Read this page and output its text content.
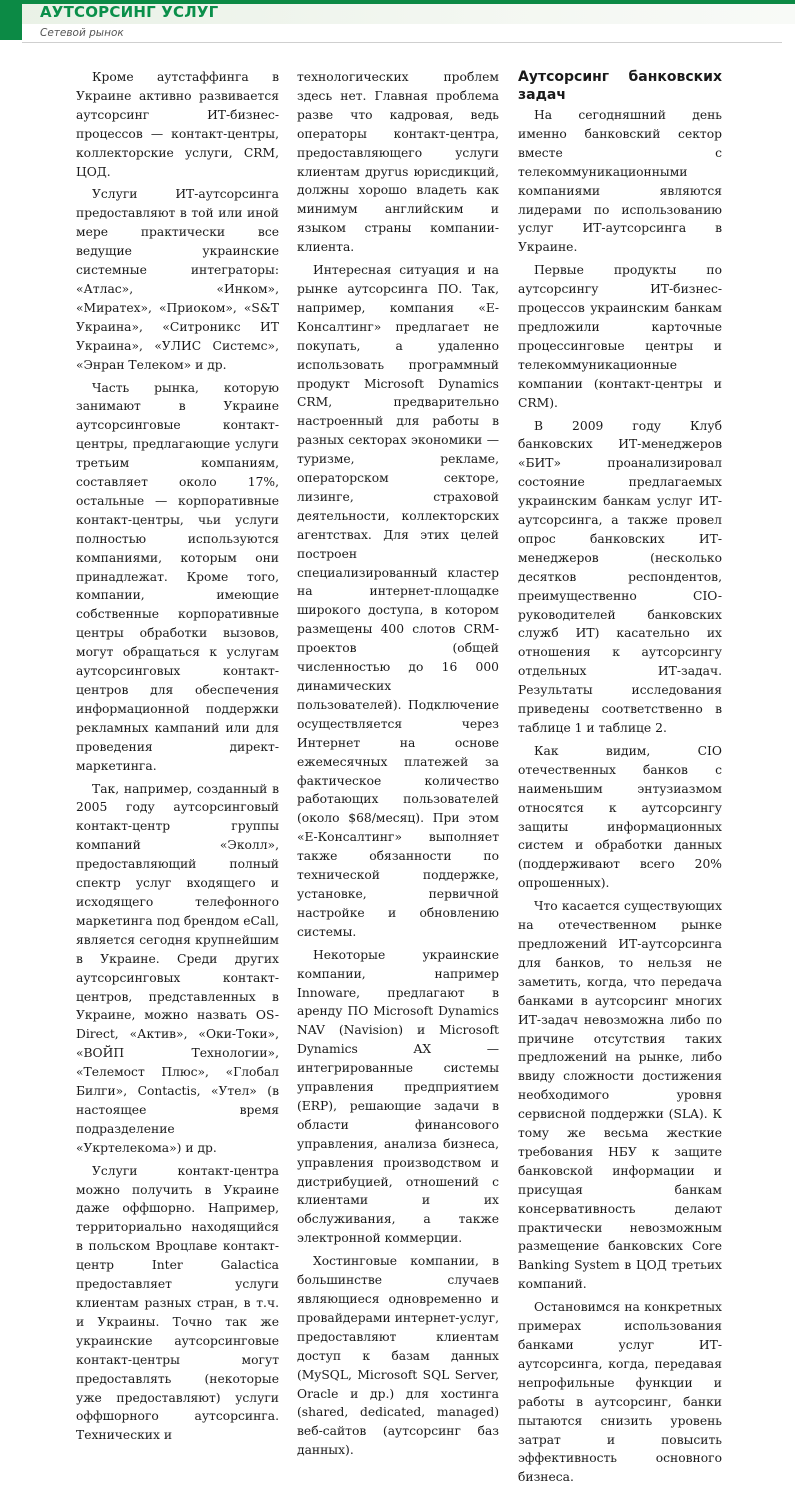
АУТСОРСИНГ УСЛУГ
Сетевой рынок

Кроме аутстаффинга в Украине активно развивается аутсорсинг ИТ-бизнес-процессов — контакт-центры, коллекторские услуги, CRM, ЦОД.

Услуги ИТ-аутсорсинга предоставляют в той или иной мере практически все ведущие украинские системные интеграторы: «Атлас», «Инком», «Миратех», «Приоком», «S&T Украина», «Ситроникс ИТ Украина», «УЛИС Системс», «Энран Телеком» и др.

Часть рынка, которую занимают в Украине аутсорсинговые контакт-центры, предлагающие услуги третьим компаниям, составляет около 17%, остальные — корпоративные контакт-центры, чьи услуги полностью используются компаниями, которым они принадлежат. Кроме того, компании, имеющие собственные корпоративные центры обработки вызовов, могут обращаться к услугам аутсорсинговых контакт-центров для обеспечения информационной поддержки рекламных кампаний или для проведения директ-маркетинга.

Так, например, созданный в 2005 году аутсорсинговый контакт-центр группы компаний «Эколл», предоставляющий полный спектр услуг входящего и исходящего телефонного маркетинга под брендом eCall, является сегодня крупнейшим в Украине. Среди других аутсорсинговых контакт-центров, представленных в Украине, можно назвать OS-Direct, «Актив», «Оки-Токи», «ВОЙП Технологии», «Телемост Плюс», «Глобал Билги», Contactis, «Утел» (в настоящее время подразделение «Укртелекома») и др.

Услуги контакт-центра можно получить в Украине даже оффшорно. Например, территориально находящийся в польском Вроцлаве контакт-центр Inter Galactica предоставляет услуги клиентам разных стран, в т.ч. и Украины. Точно так же украинские аутсорсинговые контакт-центры могут предоставлять (некоторые уже предоставляют) услуги оффшорного аутсорсинга. Технических и

технологических проблем здесь нет. Главная проблема разве что кадровая, ведь операторы контакт-центра, предоставляющего услуги клиентам другus юрисдикций, должны хорошо владеть как минимум английским и языком страны компании-клиента.

Интересная ситуация и на рынке аутсорсинга ПО. Так, например, компания «Е-Консалтинг» предлагает не покупать, а удаленно использовать программный продукт Microsoft Dynamics CRM, предварительно настроенный для работы в разных секторах экономики — туризме, рекламе, операторском секторе, лизинге, страховой деятельности, коллекторских агентствах. Для этих целей построен специализированный кластер на интернет-площадке широкого доступа, в котором размещены 400 слотов CRM-проектов (общей численностью до 16 000 динамических пользователей). Подключение осуществляется через Интернет на основе ежемесячных платежей за фактическое количество работающих пользователей (около $68/месяц). При этом «Е-Консалтинг» выполняет также обязанности по технической поддержке, установке, первичной настройке и обновлению системы.

Некоторые украинские компании, например Innoware, предлагают в аренду ПО Microsoft Dynamics NAV (Navision) и Microsoft Dynamics AX — интегрированные системы управления предприятием (ERP), решающие задачи в области финансового управления, анализа бизнеса, управления производством и дистрибуцией, отношений с клиентами и их обслуживания, а также электронной коммерции.

Хостинговые компании, в большинстве случаев являющиеся одновременно и провайдерами интернет-услуг, предоставляют клиентам доступ к базам данных (MySQL, Microsoft SQL Server, Oracle и др.) для хостинга (shared, dedicated, managed) веб-сайтов (аутсорсинг баз данных).

Аутсорсинг банковских задач

На сегодняшний день именно банковский сектор вместе с телекоммуникационными компаниями являются лидерами по использованию услуг ИТ-аутсорсинга в Украине.

Первые продукты по аутсорсингу ИТ-бизнес-процессов украинским банкам предложили карточные процессинговые центры и телекоммуникационные компании (контакт-центры и CRM).

В 2009 году Клуб банковских ИТ-менеджеров «БИТ» проанализировал состояние предлагаемых украинским банкам услуг ИТ-аутсорсинга, а также провел опрос банковских ИТ-менеджеров (несколько десятков респондентов, преимущественно CIO-руководителей банковских служб ИТ) касательно их отношения к аутсорсингу отдельных ИТ-задач. Результаты исследования приведены соответственно в таблице 1 и таблице 2.

Как видим, CIO отечественных банков с наименьшим энтузиазмом относятся к аутсорсингу защиты информационных систем и обработки данных (поддерживают всего 20% опрошенных).

Что касается существующих на отечественном рынке предложений ИТ-аутсорсинга для банков, то нельзя не заметить, когда, что передача банками в аутсорсинг многих ИТ-задач невозможна либо по причине отсутствия таких предложений на рынке, либо ввиду сложности достижения необходимого уровня сервисной поддержки (SLA). К тому же весьма жесткие требования НБУ к защите банковской информации и присущая банкам консервативность делают практически невозможным размещение банковских Core Banking System в ЦОД третьих компаний.

Остановимся на конкретных примерах использования банками услуг ИТ-аутсорсинга, когда, передавая непрофильные функции и работы в аутсорсинг, банки пытаются снизить уровень затрат и повысить эффективность основного бизнеса.
